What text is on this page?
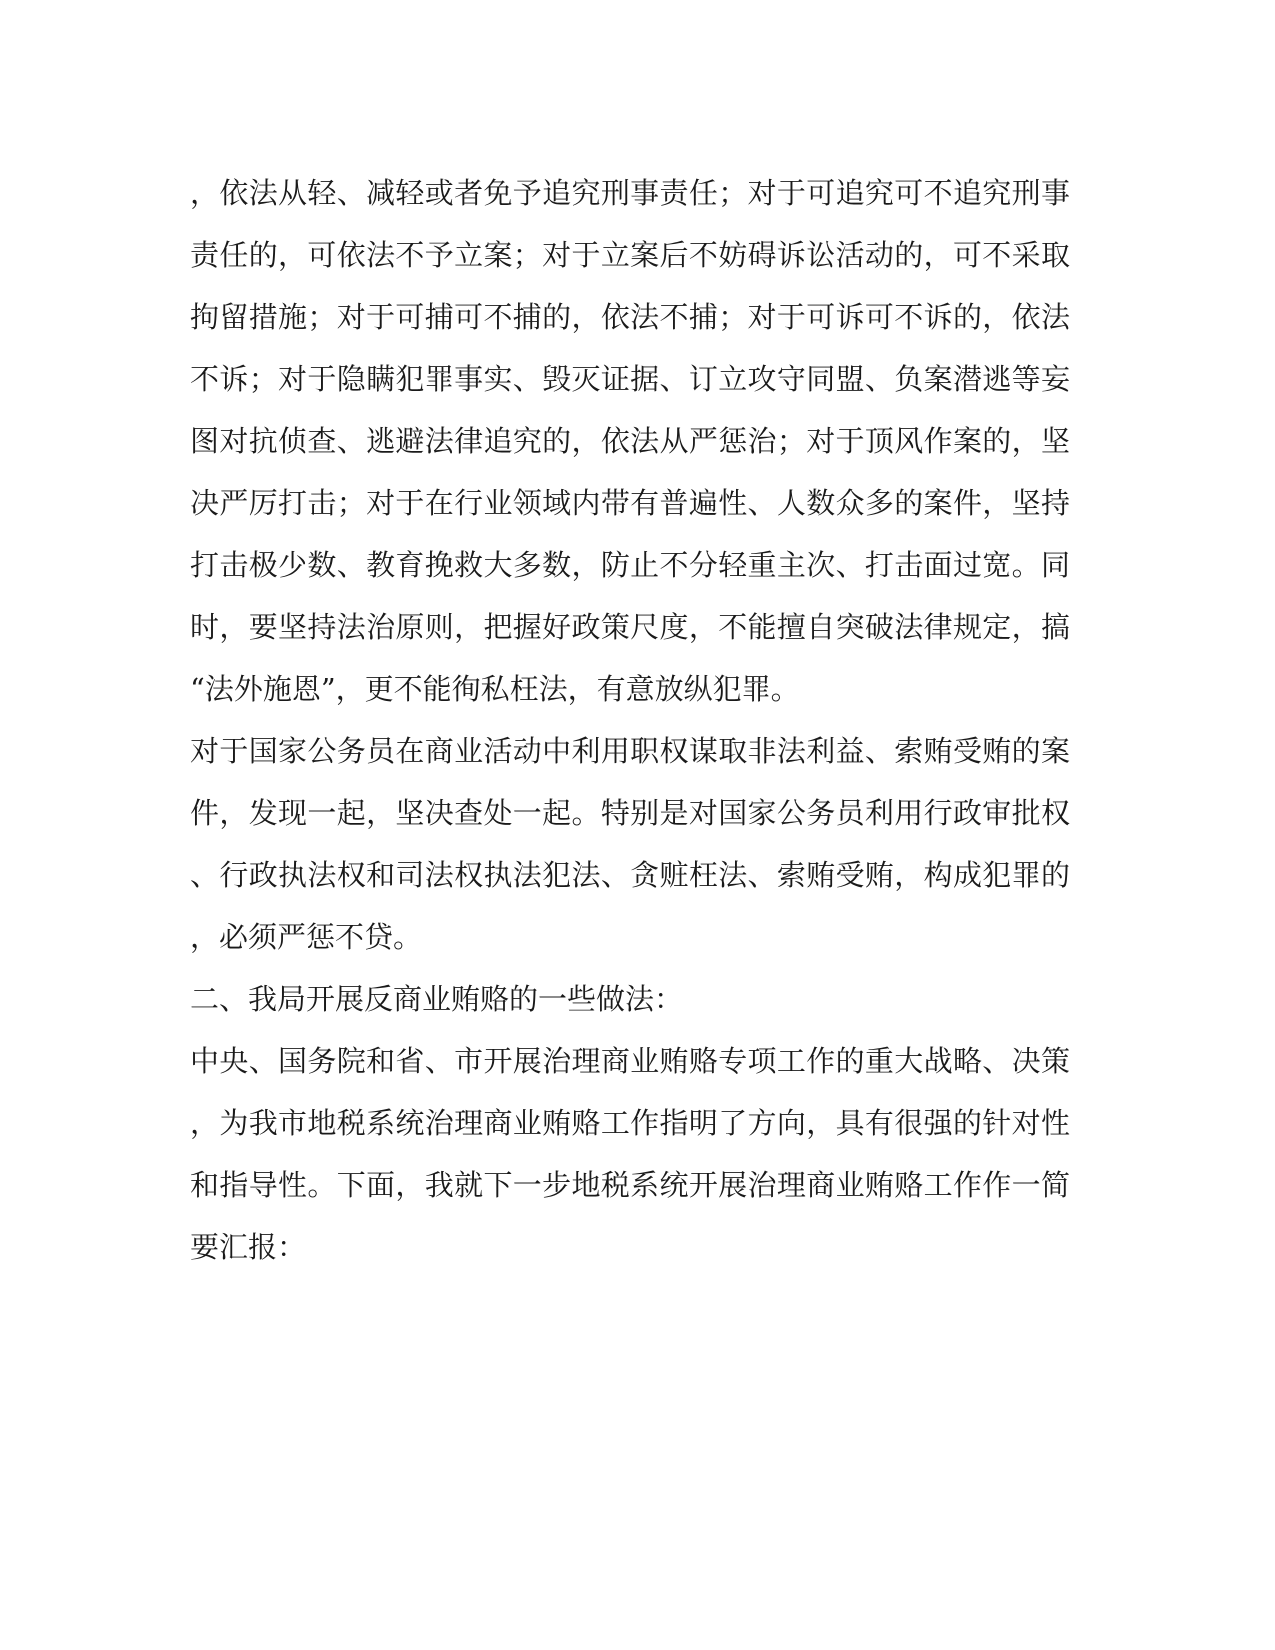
，依法从轻、减轻或者免予追究刑事责任；对于可追究可不追究刑事
责任的，可依法不予立案；对于立案后不妨碍诉讼活动的，可不采取
拘留措施；对于可捕可不捕的，依法不捕；对于可诉可不诉的，依法
不诉；对于隐瞒犯罪事实、毁灭证据、订立攻守同盟、负案潜逃等妄
图对抗侦查、逃避法律追究的，依法从严惩治；对于顶风作案的，坚
决严厉打击；对于在行业领域内带有普遍性、人数众多的案件，坚持
打击极少数、教育挽救大多数，防止不分轻重主次、打击面过宽。同
时，要坚持法治原则，把握好政策尺度，不能擅自突破法律规定，搞
“法外施恩”，更不能徇私枉法，有意放纵犯罪。
对于国家公务员在商业活动中利用职权谋取非法利益、索贿受贿的案
件，发现一起，坚决查处一起。特别是对国家公务员利用行政审批权
、行政执法权和司法权执法犯法、贪赃枉法、索贿受贿，构成犯罪的
，必须严惩不贷。
二、我局开展反商业贿赂的一些做法：
中央、国务院和省、市开展治理商业贿赂专项工作的重大战略、决策
，为我市地税系统治理商业贿赂工作指明了方向，具有很强的针对性
和指导性。下面，我就下一步地税系统开展治理商业贿赂工作作一简
要汇报：
